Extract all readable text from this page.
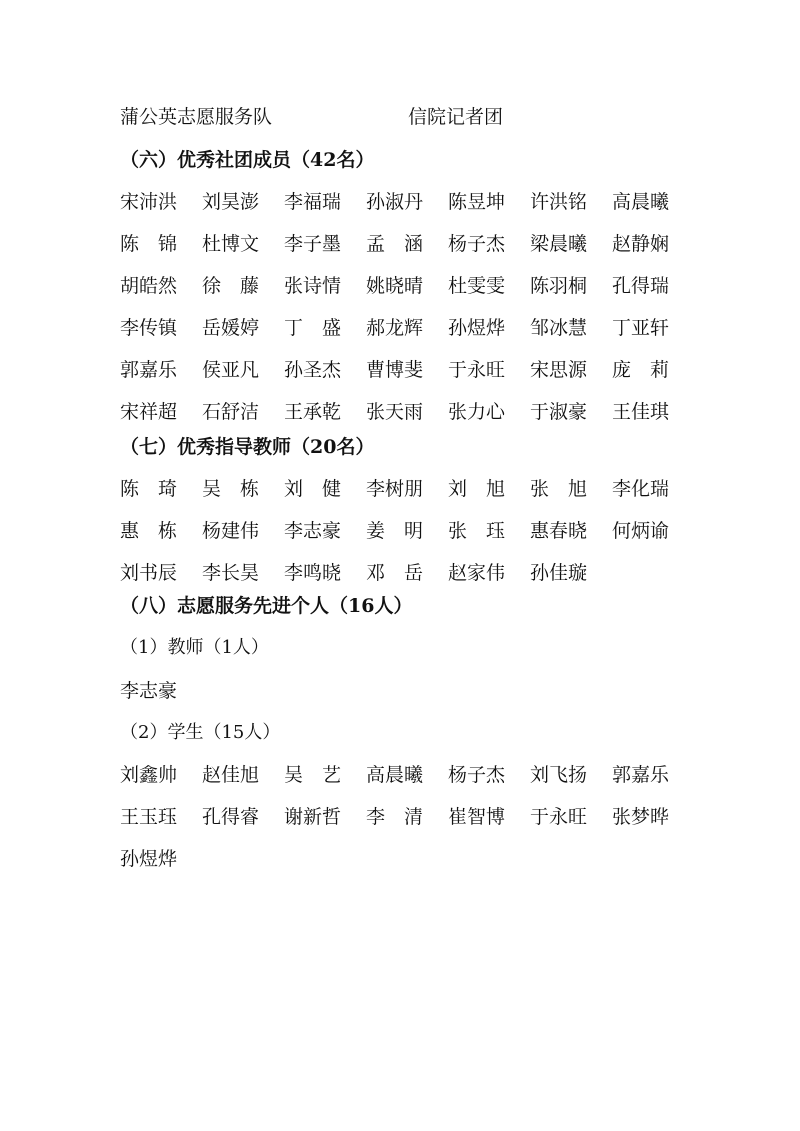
蒲公英志愿服务队	信院记者团
（六）优秀社团成员（42名）
宋沛洪	刘昊澎	李福瑞	孙淑丹	陈昱坤	许洪铭	高晨曦
陈　锦	杜博文	李子墨	孟　涵	杨子杰	梁晨曦	赵静娴
胡皓然	徐　藤	张诗情	姚晓晴	杜雯雯	陈羽桐	孔得瑞
李传镇	岳媛婷	丁　盛	郝龙辉	孙煜烨	邹冰慧	丁亚轩
郭嘉乐	侯亚凡	孙圣杰	曹博斐	于永旺	宋思源	庞　莉
宋祥超	石舒洁	王承乾	张天雨	张力心	于淑豪	王佳琪
（七）优秀指导教师（20名）
陈　琦	吴　栋	刘　健	李树朋	刘　旭	张　旭	李化瑞
惠　栋	杨建伟	李志豪	姜　明	张　珏	惠春晓	何炳谕
刘书辰	李长昊	李鸣晓	邓　岳	赵家伟	孙佳璇
（八）志愿服务先进个人（16人）
（1）教师（1人）
李志豪
（2）学生（15人）
刘鑫帅	赵佳旭	吴　艺	高晨曦	杨子杰	刘飞扬	郭嘉乐
王玉珏	孔得睿	谢新哲	李　清	崔智博	于永旺	张梦晔
孙煜烨
